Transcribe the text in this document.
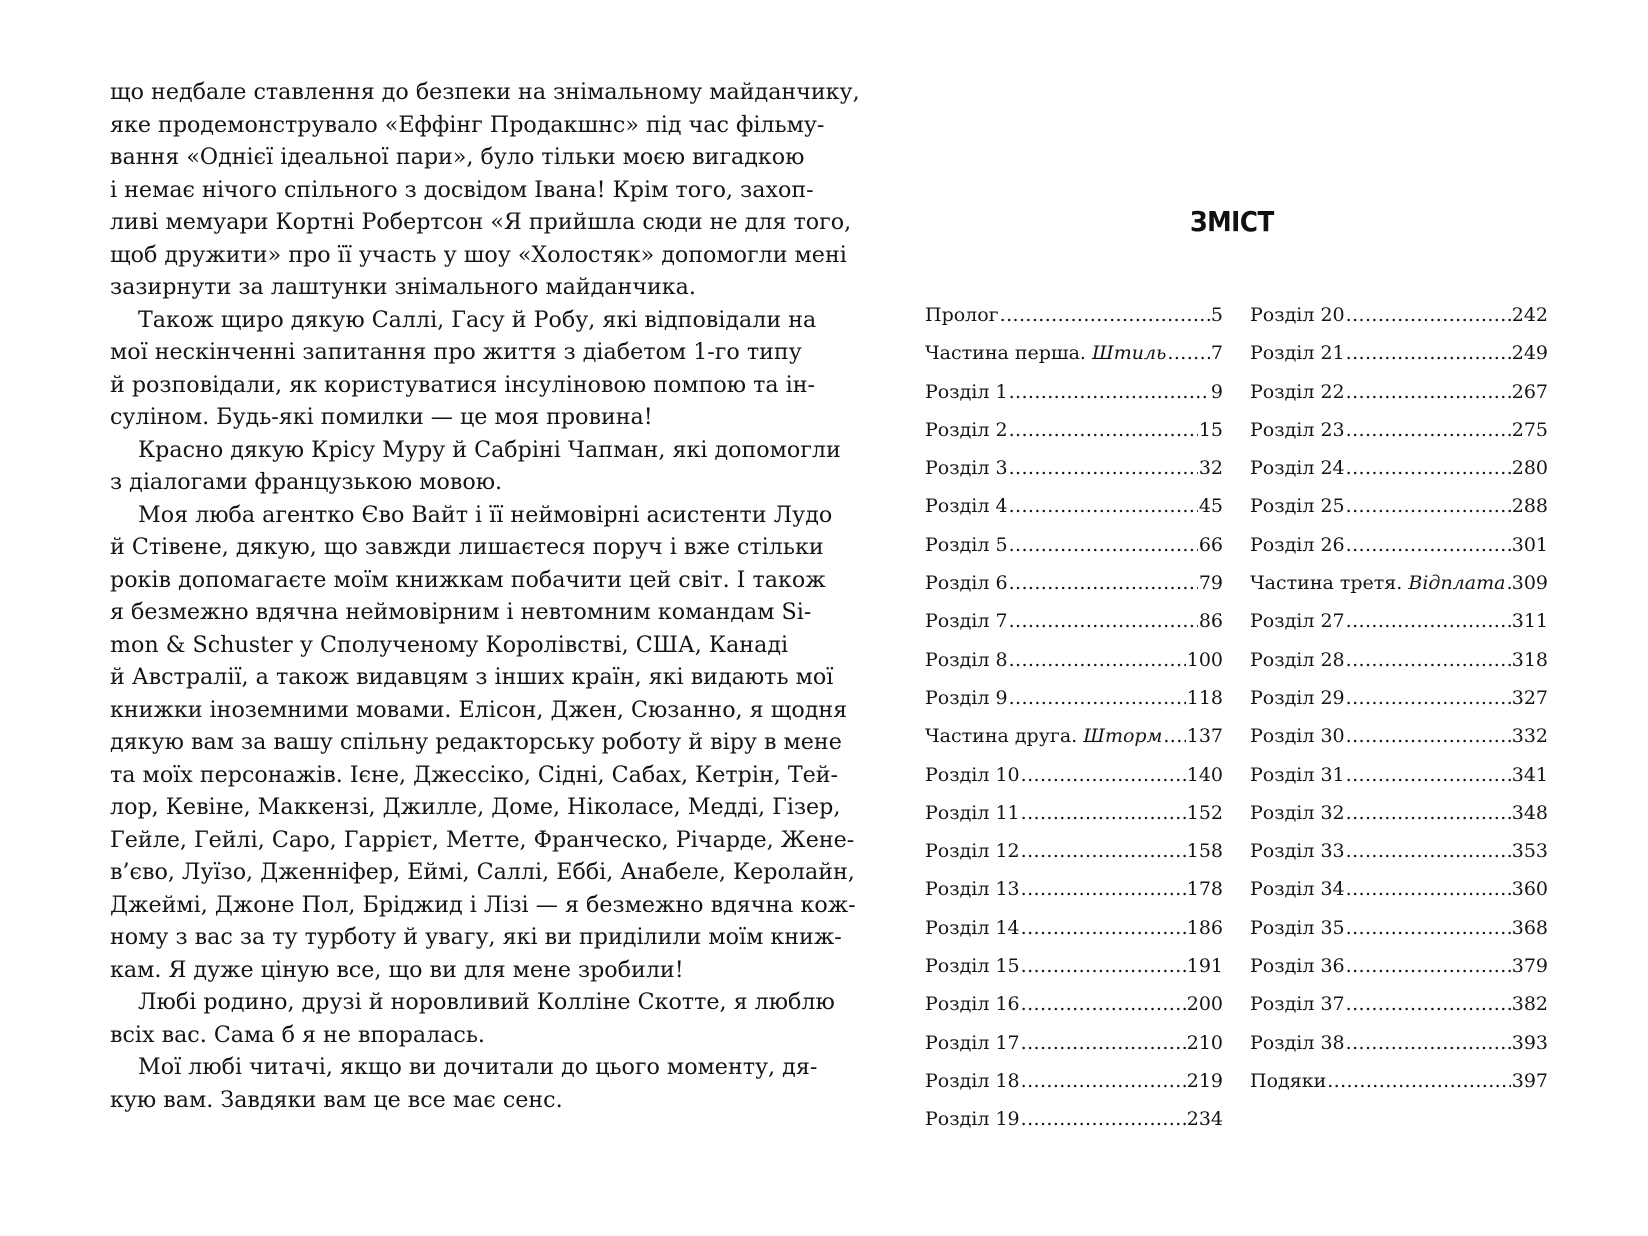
що недбале ставлення до безпеки на знімальному майданчику,
яке продемонструвало «Еффінг Продакшнс» під час фільму-
вання «Однієї ідеальної пари», було тільки моєю вигадкою
і немає нічого спільного з досвідом Івана! Крім того, захоп-
ливі мемуари Кортні Робертсон «Я прийшла сюди не для того,
щоб дружити» про її участь у шоу «Холостяк» допомогли мені
зазирнути за лаштунки знімального майданчика.

Також щиро дякую Саллі, Гасу й Робу, які відповідали на
мої нескінченні запитання про життя з діабетом 1-го типу
й розповідали, як користуватися інсуліновою помпою та ін-
суліном. Будь-які помилки — це моя провина!

Красно дякую Крісу Муру й Сабріні Чапман, які допомогли
з діалогами французькою мовою.

Моя люба агентко Єво Вайт і її неймовірні асистенти Лудо
й Стівене, дякую, що завжди лишаєтеся поруч і вже стільки
років допомагаєте моїм книжкам побачити цей світ. І також
я безмежно вдячна неймовірним і невтомним командам Si-
mon & Schuster у Сполученому Королівстві, США, Канаді
й Австралії, а також видавцям з інших країн, які видають мої
книжки іноземними мовами. Елісон, Джен, Сюзанно, я щодня
дякую вам за вашу спільну редакторську роботу й віру в мене
та моїх персонажів. Ієне, Джессіко, Сідні, Сабах, Кетрін, Тей-
лор, Кевіне, Маккензі, Джилле, Доме, Ніколасе, Медді, Гізер,
Гейле, Гейлі, Саро, Гаррієт, Метте, Франческо, Річарде, Жене-
в’єво, Луїзо, Дженніфер, Еймі, Саллі, Еббі, Анабеле, Керолайн,
Джеймі, Джоне Пол, Бріджид і Лізі — я безмежно вдячна кож-
ному з вас за ту турботу й увагу, які ви приділили моїм книж-
кам. Я дуже ціную все, що ви для мене зробили!

Любі родино, друзі й норовливий Колліне Скотте, я люблю
всіх вас. Сама б я не впоралась.

Мої любі читачі, якщо ви дочитали до цього моменту, дя-
кую вам. Завдяки вам це все має сенс.

ЗМІСТ
Пролог .....	5
Частина перша. Штиль ..... 7
Розділ 1 .....	9
Розділ 2 .....	15
Розділ 3 .....	32
Розділ 4 .....	45
Розділ 5 .....	66
Розділ 6 .....	79
Розділ 7 .....	86
Розділ 8 .....	100
Розділ 9 .....	118
Частина друга. Шторм ..... 137
Розділ 10 .....	140
Розділ 11 .....	152
Розділ 12 .....	158
Розділ 13 .....	178
Розділ 14 .....	186
Розділ 15 .....	191
Розділ 16 .....	200
Розділ 17 .....	210
Розділ 18 .....	219
Розділ 19 .....	234
Розділ 20 .....	242
Розділ 21 .....	249
Розділ 22 .....	267
Розділ 23 .....	275
Розділ 24 .....	280
Розділ 25 .....	288
Розділ 26 .....	301
Частина третя. Відплата ..... 309
Розділ 27 .....	311
Розділ 28 .....	318
Розділ 29 .....	327
Розділ 30 .....	332
Розділ 31 .....	341
Розділ 32 .....	348
Розділ 33 .....	353
Розділ 34 .....	360
Розділ 35 .....	368
Розділ 36 .....	379
Розділ 37 .....	382
Розділ 38 .....	393
Подяки .....	397
